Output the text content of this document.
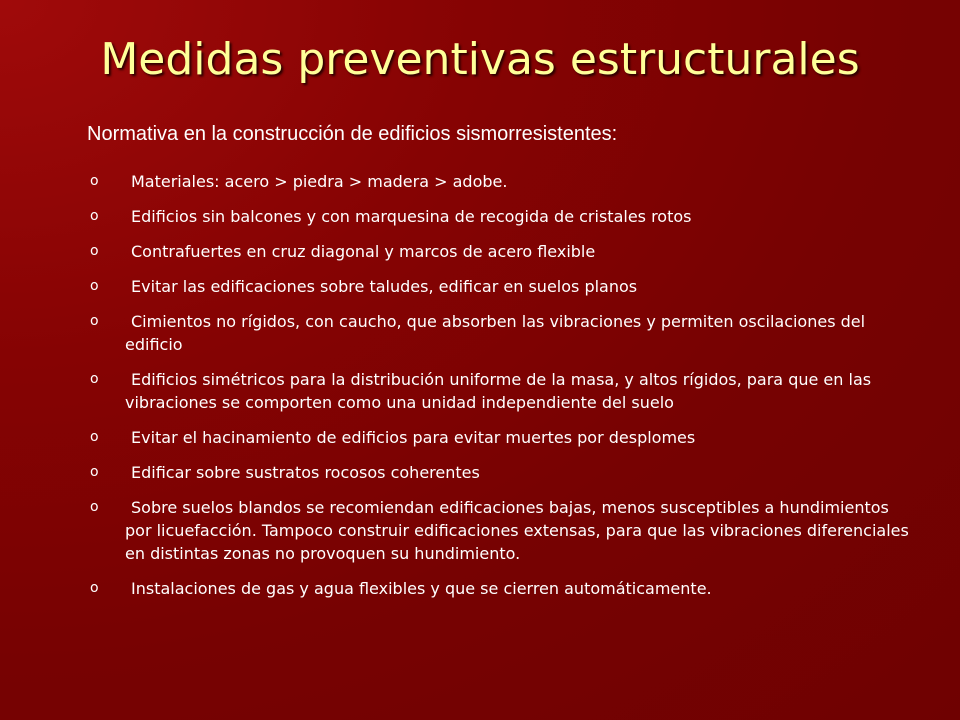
Medidas preventivas estructurales

Normativa en la construcción de edificios sismorresistentes:

o	Materiales: acero > piedra > madera > adobe.
o	Edificios sin balcones y con marquesina de recogida de cristales rotos
o	Contrafuertes en cruz diagonal y marcos de acero flexible
o	Evitar las edificaciones sobre taludes, edificar en suelos planos
o	Cimientos no rígidos, con caucho, que absorben las vibraciones y permiten oscilaciones del edificio
o	Edificios simétricos para la distribución uniforme de la masa, y altos rígidos, para que en las vibraciones se comporten como una unidad independiente del suelo
o	Evitar el hacinamiento de edificios para evitar muertes por desplomes
o	Edificar sobre sustratos rocosos coherentes
o	Sobre suelos blandos se recomiendan edificaciones bajas, menos susceptibles a hundimientos por licuefacción. Tampoco construir edificaciones extensas, para que las vibraciones diferenciales en distintas zonas no provoquen su hundimiento.
o	Instalaciones de gas y agua flexibles y que se cierren automáticamente.
